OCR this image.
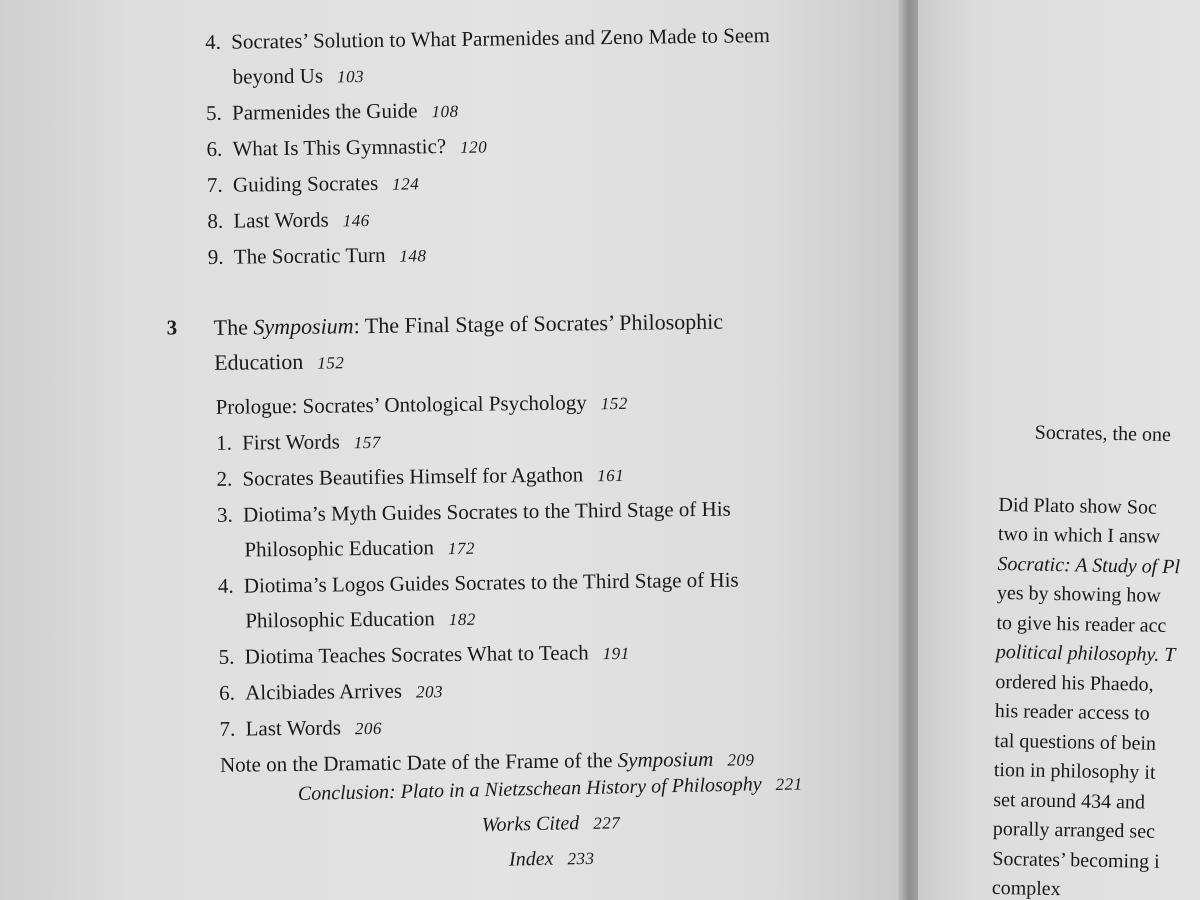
4. Socrates’ Solution to What Parmenides and Zeno Made to Seem
beyond Us 103
5. Parmenides the Guide 108
6. What Is This Gymnastic? 120
7. Guiding Socrates 124
8. Last Words 146
9. The Socratic Turn 148
3 The Symposium: The Final Stage of Socrates’ Philosophic
Education 152
Prologue: Socrates’ Ontological Psychology 152
1. First Words 157
2. Socrates Beautifies Himself for Agathon 161
3. Diotima’s Myth Guides Socrates to the Third Stage of His
Philosophic Education 172
4. Diotima’s Logos Guides Socrates to the Third Stage of His
Philosophic Education 182
5. Diotima Teaches Socrates What to Teach 191
6. Alcibiades Arrives 203
7. Last Words 206
Note on the Dramatic Date of the Frame of the Symposium 209
Conclusion: Plato in a Nietzschean History of Philosophy 221
Works Cited 227
Index 233
Socrates, the one
Did Plato show Soc
two in which I answ
Socratic: A Study of Pl
yes by showing how
to give his reader acc
political philosophy. T
ordered his Phaedo,
his reader access to
tal questions of bein
tion in philosophy it
set around 434 and
porally arranged sec
Socrates’ becoming i
complex
